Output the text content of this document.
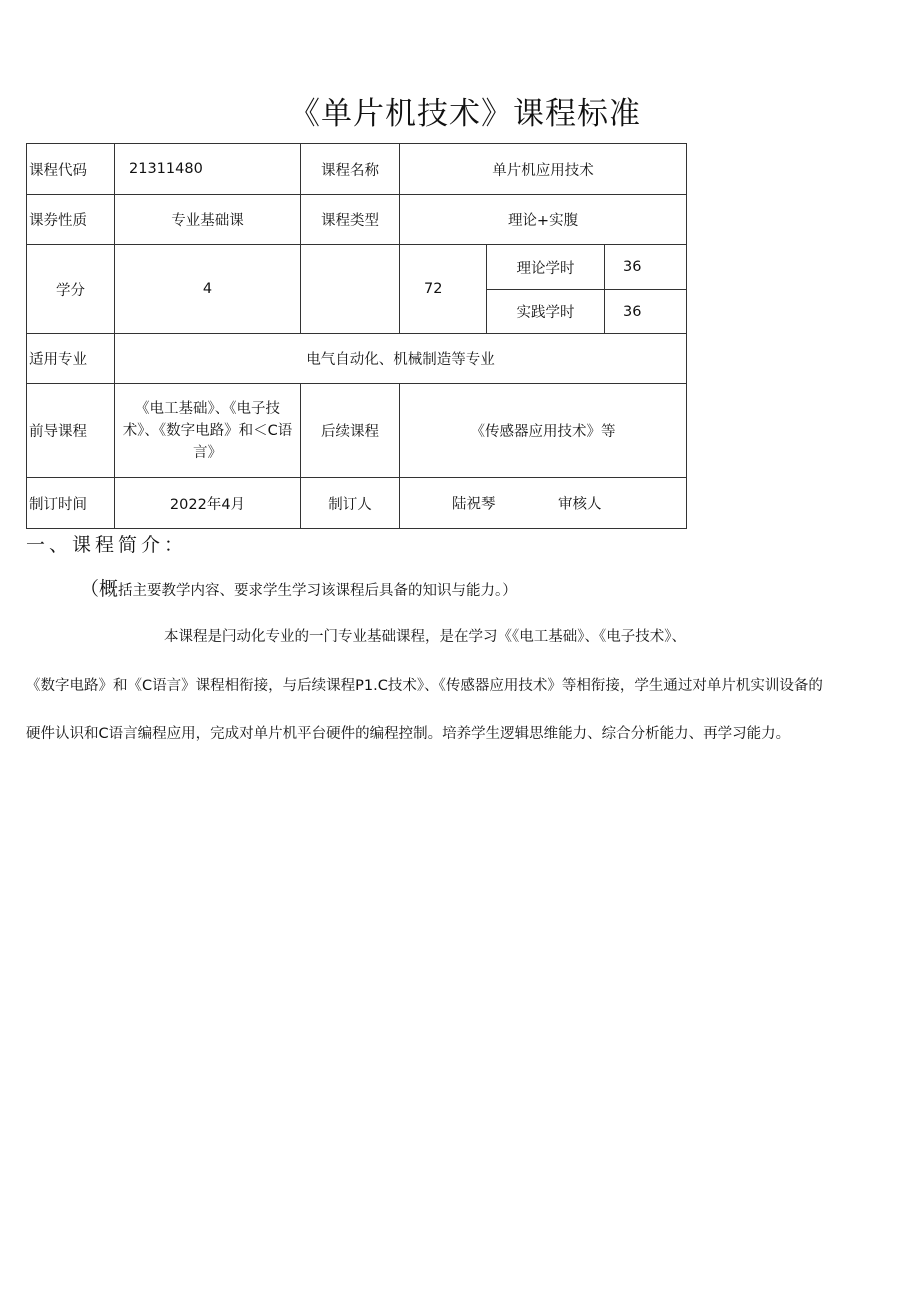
《单片机技术》课程标准
课程代码	21311480	课程名称	单片机应用技术		
课券性质	专业基础课	课程类型	理论+实腹		
学分	4		72	理论学时	36
				实践学时	36
适用专业	电气自动化、机械制造等专业				
前导课程	《电工基础》、《电子技术》、《数字电路》和＜C语言》	后续课程	《传感器应用技术》等		
制订时间	2022年4月	制订人	陆祝琴 审核人		
一、课程简介：
（概括主要教学内容、要求学生学习该课程后具备的知识与能力。）
本课程是闩动化专业的一门专业基础课程，是在学习《《电工基础》、《电子技术》、
《数字电路》和《C语言》课程相衔接，与后续课程P1.C技术》、《传感器应用技术》等相衔接，学生通过对单片机实训设备的
硬件认识和C语言编程应用，完成对单片机平台硬件的编程控制。培养学生逻辑思维能力、综合分析能力、再学习能力。
